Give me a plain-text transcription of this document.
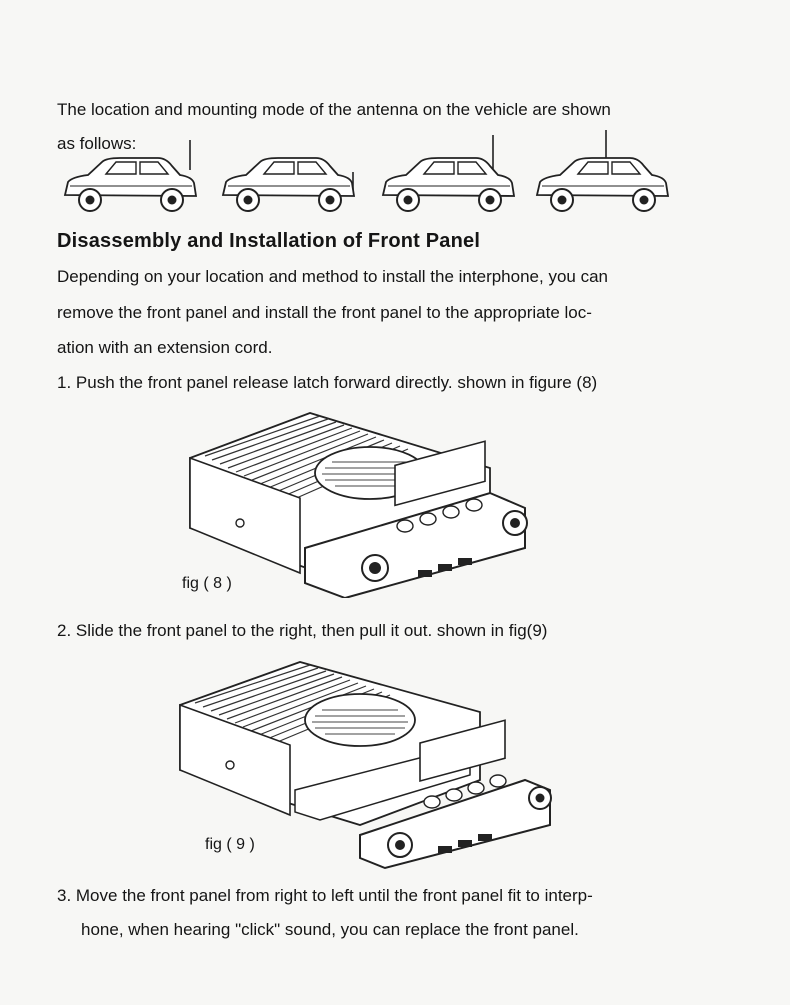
The location and mounting mode of the antenna on the vehicle are shown
as follows:
Disassembly and Installation of Front Panel
Depending on your location and method to install the interphone, you can
remove the front panel and install the front panel to the appropriate loc-
ation with an extension cord.
1. Push the front panel release latch forward directly. shown in figure (8)
fig ( 8 )
2. Slide the front panel to the right, then pull it out. shown in fig(9)
fig ( 9 )
3. Move the front panel from right to left until the front panel fit to interp-
hone, when hearing "click" sound, you can replace the front panel.
